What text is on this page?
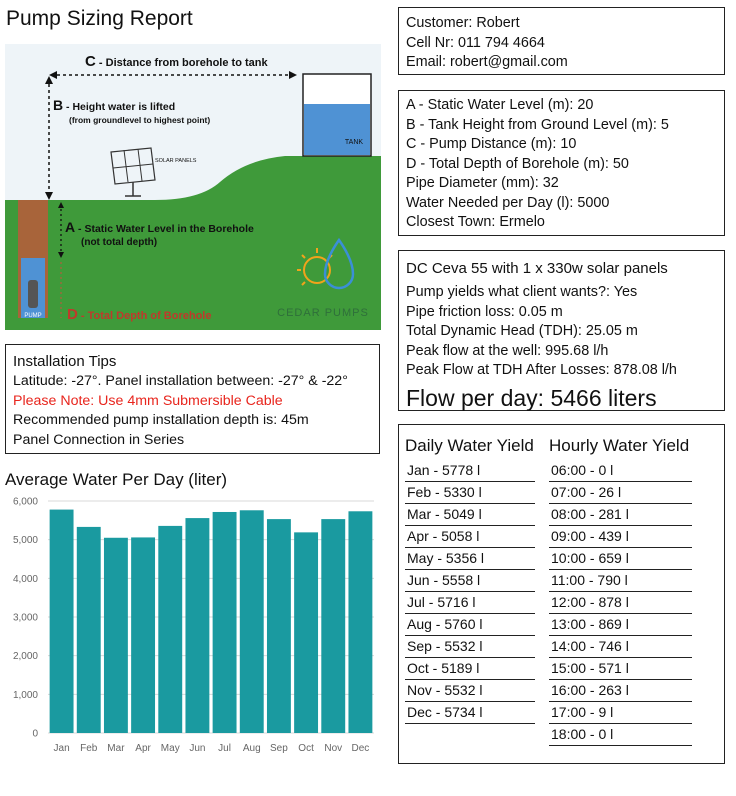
Pump Sizing Report
PUMP
TANK
SOLAR PANELS
C - Distance from borehole to tank
B - Height water is lifted
(from groundlevel to highest point)
A - Static Water Level in the Borehole
(not total depth)
D - Total Depth of Borehole	CEDAR PUMPS
Customer: Robert
Cell Nr: 011 794 4664
Email: robert@gmail.com
A - Static Water Level (m): 20
B - Tank Height from Ground Level (m): 5
C - Pump Distance (m): 10
D - Total Depth of Borehole (m): 50
Pipe Diameter (mm): 32
Water Needed per Day (l): 5000
Closest Town: Ermelo
DC Ceva 55 with 1 x 330w solar panels
Pump yields what client wants?: Yes
Pipe friction loss: 0.05 m
Total Dynamic Head (TDH): 25.05 m
Peak flow at the well: 995.68 l/h
Peak Flow at TDH After Losses: 878.08 l/h
Flow per day: 5466 liters
Installation Tips
Latitude: -27°. Panel installation between: -27° & -22°
Please Note: Use 4mm Submersible Cable
Recommended pump installation depth is: 45m
Panel Connection in Series
Average Water Per Day (liter)
0
1,000
2,000
3,000
4,000
5,000
6,000
Jan Feb Mar Apr May Jun Jul Aug Sep Oct Nov Dec
Daily Water Yield
Jan - 5778 l
Feb - 5330 l
Mar - 5049 l
Apr - 5058 l
May - 5356 l
Jun - 5558 l
Jul - 5716 l
Aug - 5760 l
Sep - 5532 l
Oct - 5189 l
Nov - 5532 l
Dec - 5734 l
Hourly Water Yield
06:00 - 0 l
07:00 - 26 l
08:00 - 281 l
09:00 - 439 l
10:00 - 659 l
11:00 - 790 l
12:00 - 878 l
13:00 - 869 l
14:00 - 746 l
15:00 - 571 l
16:00 - 263 l
17:00 - 9 l
18:00 - 0 l
